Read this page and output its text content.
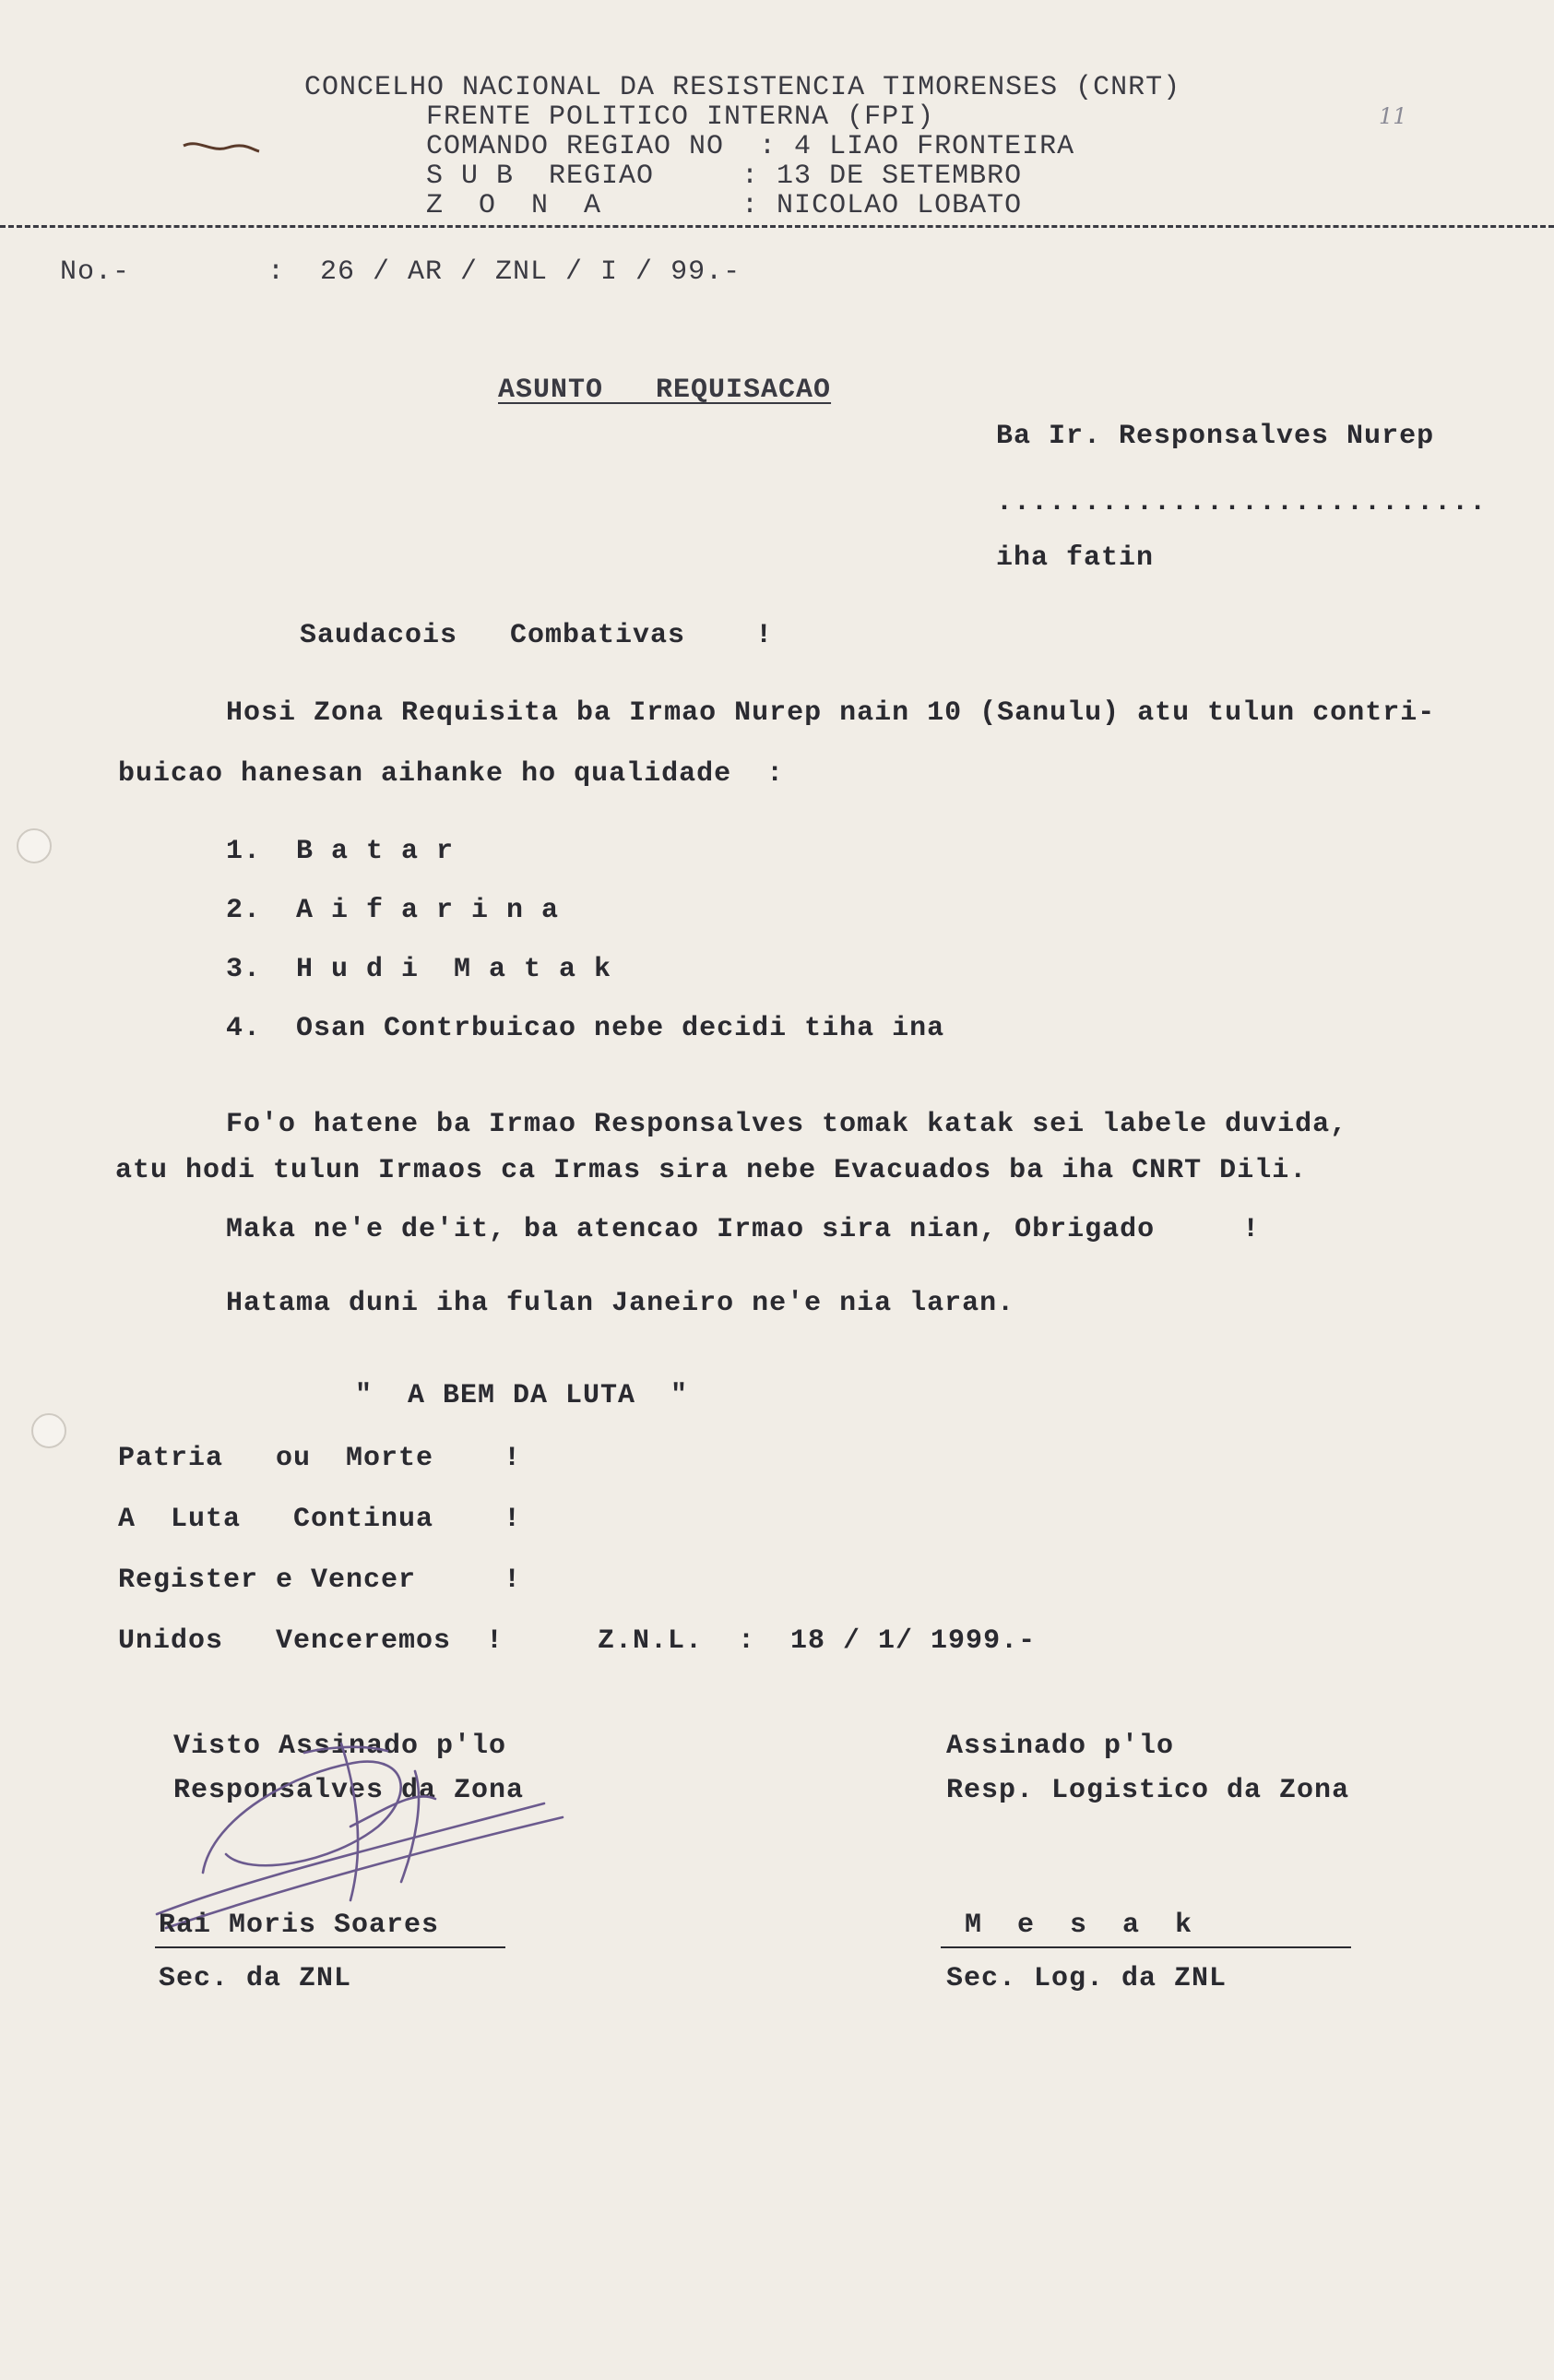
CONCELHO NACIONAL DA RESISTENCIA TIMORENSES (CNRT)
FRENTE POLITICO INTERNA (FPI)
COMANDO REGIAO NO  : 4 LIAO FRONTEIRA
S U B  REGIAO     : 13 DE SETEMBRO
Z  O  N  A        : NICOLAO LOBATO
11
No.-	:  26 / AR / ZNL / I / 99.-
ASUNTO   REQUISACAO
Ba Ir. Responsalves Nurep
............................
iha fatin
Saudacois   Combativas    !
Hosi Zona Requisita ba Irmao Nurep nain 10 (Sanulu) atu tulun contri-
buicao hanesan aihanke ho qualidade  :
1.  B a t a r
2.  A i f a r i n a
3.  H u d i  M a t a k
4.  Osan Contrbuicao nebe decidi tiha ina
Fo'o hatene ba Irmao Responsalves tomak katak sei labele duvida,
atu hodi tulun Irmaos ca Irmas sira nebe Evacuados ba iha CNRT Dili.
Maka ne'e de'it, ba atencao Irmao sira nian, Obrigado     !
Hatama duni iha fulan Janeiro ne'e nia laran.
"  A BEM DA LUTA  "
Patria   ou  Morte    !
A  Luta   Continua    !
Register e Vencer     !
Unidos   Venceremos  !	Z.N.L.  :  18 / 1/ 1999.-
Visto Assinado p'lo
Responsalves da Zona
Rai Moris Soares
Sec. da ZNL
Assinado p'lo
Resp. Logistico da Zona
M  e  s  a  k
Sec. Log. da ZNL
